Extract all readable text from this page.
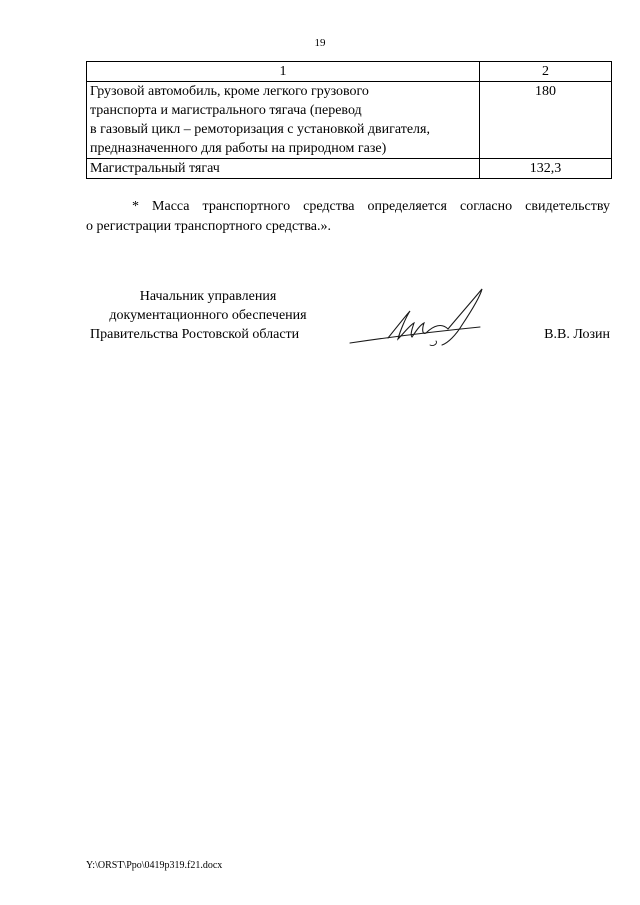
19
1	2

Грузовой автомобиль, кроме легкого грузового
транспорта и магистрального тягача (перевод
в газовый цикл – ремоторизация с установкой двигателя,
предназначенного для работы на природном газе)	180

Магистральный тягач	132,3
* Масса транспортного средства определяется согласно свидетельству
о регистрации транспортного средства.».
Начальник управления
документационного обеспечения
Правительства Ростовской области	В.В. Лозин
Y:\ORST\Ppo\0419p319.f21.docx
